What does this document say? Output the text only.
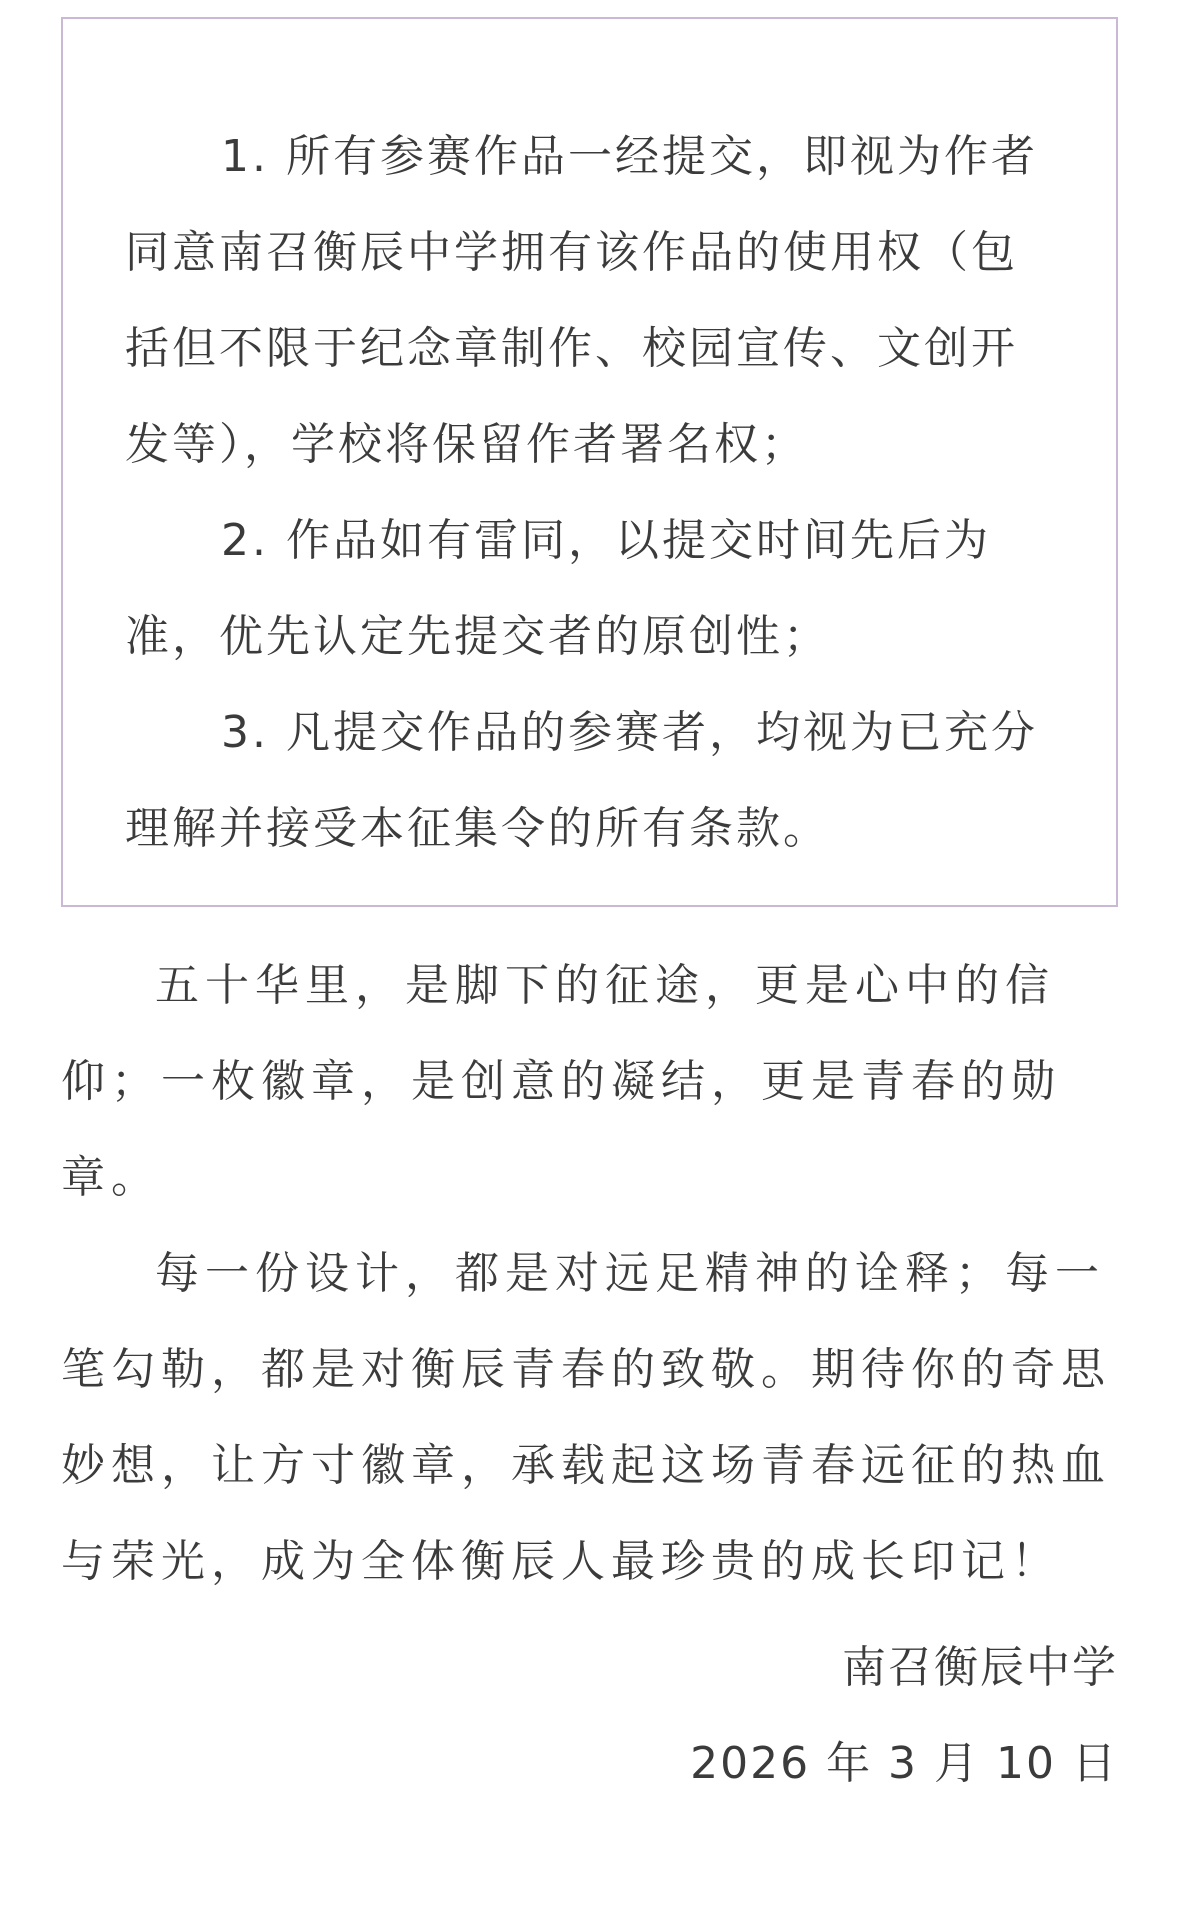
1. 所有参赛作品一经提交，即视为作者同意南召衡辰中学拥有该作品的使用权（包括但不限于纪念章制作、校园宣传、文创开发等），学校将保留作者署名权；

2. 作品如有雷同，以提交时间先后为准，优先认定先提交者的原创性；

3. 凡提交作品的参赛者，均视为已充分理解并接受本征集令的所有条款。

五十华里，是脚下的征途，更是心中的信仰；一枚徽章，是创意的凝结，更是青春的勋章。

每一份设计，都是对远足精神的诠释；每一笔勾勒，都是对衡辰青春的致敬。期待你的奇思妙想，让方寸徽章，承载起这场青春远征的热血与荣光，成为全体衡辰人最珍贵的成长印记！

南召衡辰中学
2026 年 3 月 10 日
